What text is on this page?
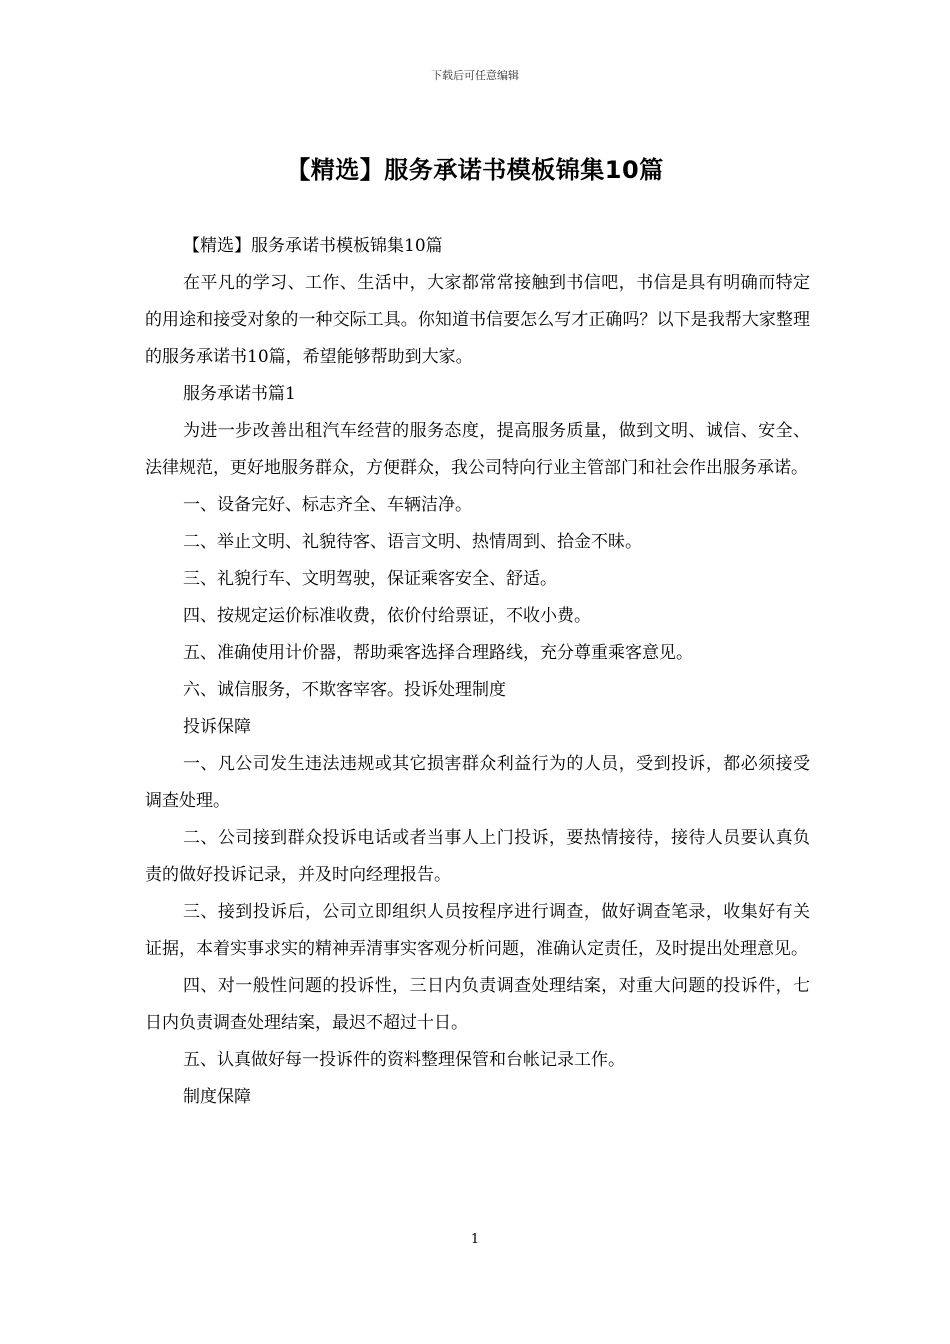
下载后可任意编辑
【精选】服务承诺书模板锦集10篇

【精选】服务承诺书模板锦集10篇

在平凡的学习、工作、生活中，大家都常常接触到书信吧，书信是具有明确而特定的用途和接受对象的一种交际工具。你知道书信要怎么写才正确吗？以下是我帮大家整理的服务承诺书10篇，希望能够帮助到大家。

服务承诺书篇1

为进一步改善出租汽车经营的服务态度，提高服务质量，做到文明、诚信、安全、法律规范，更好地服务群众，方便群众，我公司特向行业主管部门和社会作出服务承诺。

一、设备完好、标志齐全、车辆洁净。

二、举止文明、礼貌待客、语言文明、热情周到、拾金不昧。

三、礼貌行车、文明驾驶，保证乘客安全、舒适。

四、按规定运价标准收费，依价付给票证，不收小费。

五、准确使用计价器，帮助乘客选择合理路线，充分尊重乘客意见。

六、诚信服务，不欺客宰客。投诉处理制度

投诉保障

一、凡公司发生违法违规或其它损害群众利益行为的人员，受到投诉，都必须接受调查处理。

二、公司接到群众投诉电话或者当事人上门投诉，要热情接待，接待人员要认真负责的做好投诉记录，并及时向经理报告。

三、接到投诉后，公司立即组织人员按程序进行调查，做好调查笔录，收集好有关证据，本着实事求实的精神弄清事实客观分析问题，准确认定责任，及时提出处理意见。

四、对一般性问题的投诉性，三日内负责调查处理结案，对重大问题的投诉件，七日内负责调查处理结案，最迟不超过十日。

五、认真做好每一投诉件的资料整理保管和台帐记录工作。

制度保障

1
